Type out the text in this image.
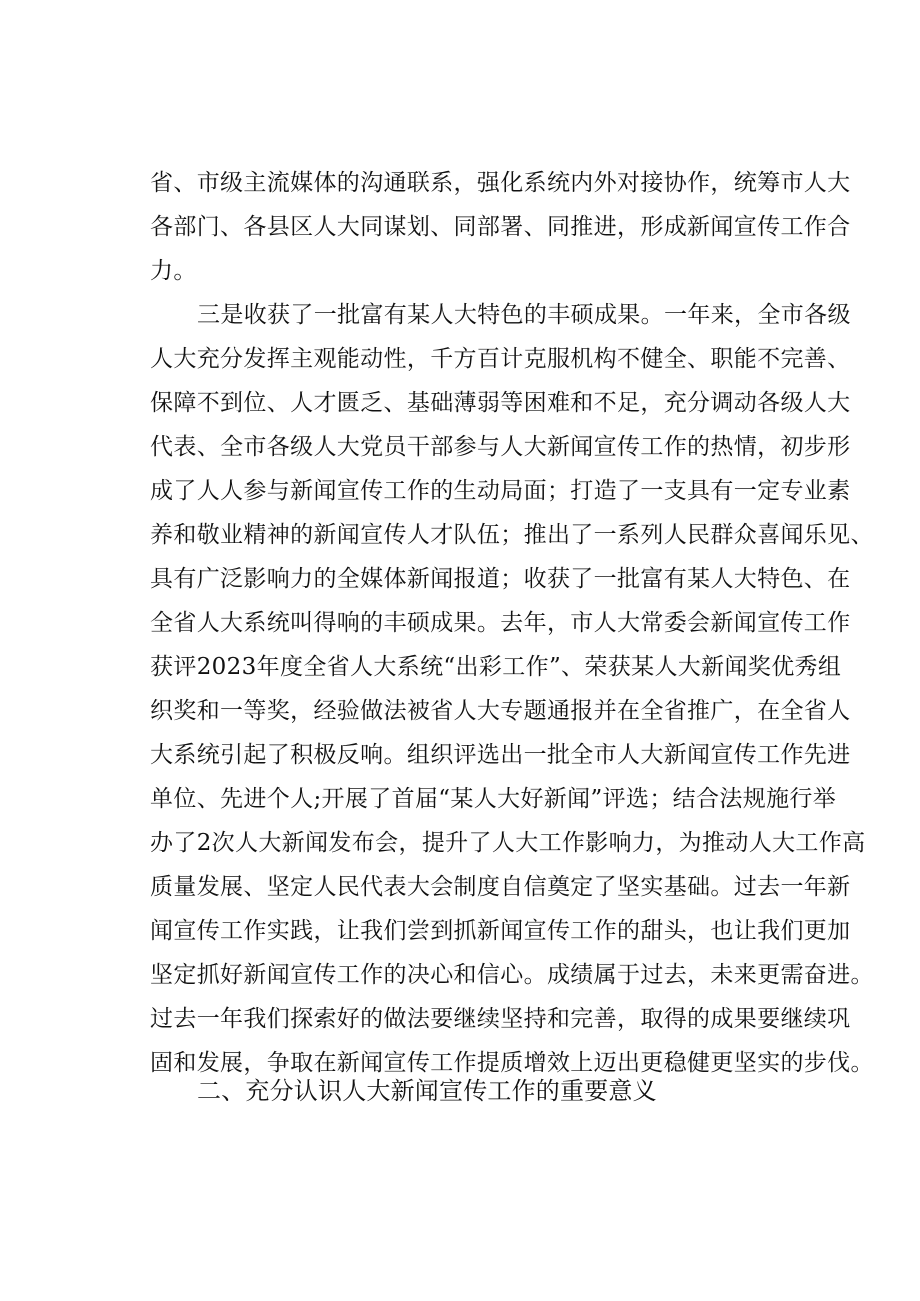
省、市级主流媒体的沟通联系，强化系统内外对接协作，统筹市人大
各部门、各县区人大同谋划、同部署、同推进，形成新闻宣传工作合
力。
三是收获了一批富有某人大特色的丰硕成果。一年来，全市各级
人大充分发挥主观能动性，千方百计克服机构不健全、职能不完善、
保障不到位、人才匮乏、基础薄弱等困难和不足，充分调动各级人大
代表、全市各级人大党员干部参与人大新闻宣传工作的热情，初步形
成了人人参与新闻宣传工作的生动局面；打造了一支具有一定专业素
养和敬业精神的新闻宣传人才队伍；推出了一系列人民群众喜闻乐见、
具有广泛影响力的全媒体新闻报道；收获了一批富有某人大特色、在
全省人大系统叫得响的丰硕成果。去年，市人大常委会新闻宣传工作
获评2023年度全省人大系统“出彩工作”、荣获某人大新闻奖优秀组
织奖和一等奖，经验做法被省人大专题通报并在全省推广，在全省人
大系统引起了积极反响。组织评选出一批全市人大新闻宣传工作先进
单位、先进个人;开展了首届“某人大好新闻”评选；结合法规施行举
办了2次人大新闻发布会，提升了人大工作影响力，为推动人大工作高
质量发展、坚定人民代表大会制度自信奠定了坚实基础。过去一年新
闻宣传工作实践，让我们尝到抓新闻宣传工作的甜头，也让我们更加
坚定抓好新闻宣传工作的决心和信心。成绩属于过去，未来更需奋进。
过去一年我们探索好的做法要继续坚持和完善，取得的成果要继续巩
固和发展，争取在新闻宣传工作提质增效上迈出更稳健更坚实的步伐。
二、充分认识人大新闻宣传工作的重要意义
